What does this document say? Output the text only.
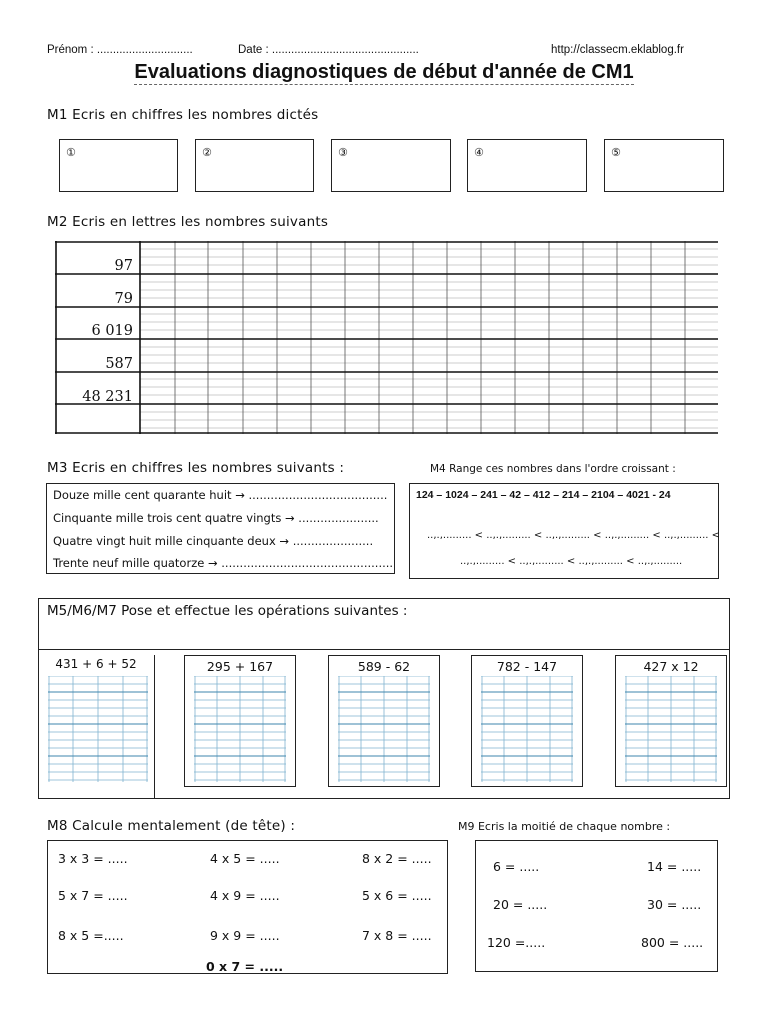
Prénom : ..............................	Date : ..............................................	http://classecm.eklablog.fr
Evaluations diagnostiques de début d'année de CM1
M1 Ecris en chiffres les nombres dictés
①	②	③	④	⑤
M2 Ecris en lettres les nombres suivants
97
79
6 019
587
48 231
M3 Ecris en chiffres les nombres suivants :
Douze mille cent quarante huit → ......................................
Cinquante mille trois cent quatre vingts → ......................
Quatre vingt huit mille cinquante deux → ......................
Trente neuf mille quatorze → ...............................................
M4 Range ces nombres dans l'ordre croissant :
124 – 1024 – 241 – 42 – 412 – 214 – 2104 – 4021 - 24
..,.,......... < ..,.,......... < ..,.,......... < ..,.,......... < ..,.,......... <
..,.,......... < ..,.,......... < ..,.,......... < ..,.,.........
M5/M6/M7 Pose et effectue les opérations suivantes :
431 + 6 + 52	295 + 167	589 - 62	782 - 147	427 x 12
M8 Calcule mentalement (de tête) :
3 x 3 = .....	4 x 5 = .....	8 x 2 = .....
5 x 7 = .....	4 x 9 = .....	5 x 6 = .....
8 x 5 =.....	9 x 9 = .....	7 x 8 = .....
0 x 7 = .....
M9 Ecris la moitié de chaque nombre :
6 = .....	14 = .....
20 = .....	30 = .....
120 =.....	800 = .....
